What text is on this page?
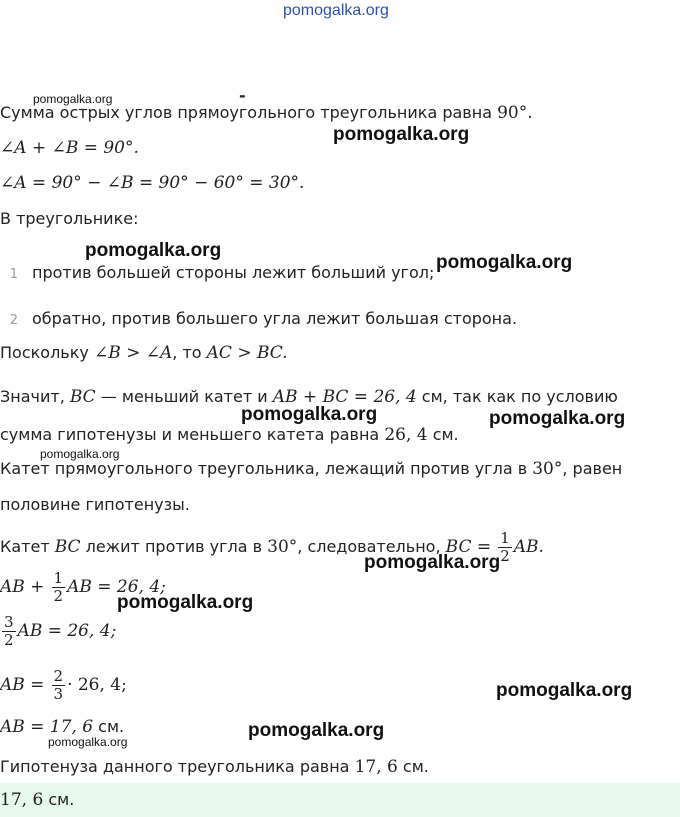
pomogalka.org
pomogalka.org
pomogalka.org
pomogalka.org
pomogalka.org
pomogalka.org	pomogalka.org
pomogalka.org
pomogalka.org
pomogalka.org
pomogalka.org
pomogalka.org
pomogalka.org
-
Сумма острых углов прямоугольного треугольника равна 90°.
∠A + ∠B = 90°.
∠A = 90° − ∠B = 90° − 60° = 30°.
В треугольнике:
1 против большей стороны лежит больший угол;
2 обратно, против большего угла лежит большая сторона.
Поскольку ∠B > ∠A, то AC > BC.
Значит, BC — меньший катет и AB + BC = 26, 4 см, так как по условию
сумма гипотенузы и меньшего катета равна 26, 4 см.
Катет прямоугольного треугольника, лежащий против угла в 30°, равен
половине гипотенузы.
Катет BC лежит против угла в 30°, следовательно, BC = $\frac{1}{2}$ AB.
AB + $\frac{1}{2}$ AB = 26, 4;
$\frac{3}{2}$ AB = 26, 4;
AB = $\frac{2}{3} \cdot 26$, 4;
AB = 17, 6 см.
Гипотенуза данного треугольника равна 17, 6 см.
17, 6 см.
